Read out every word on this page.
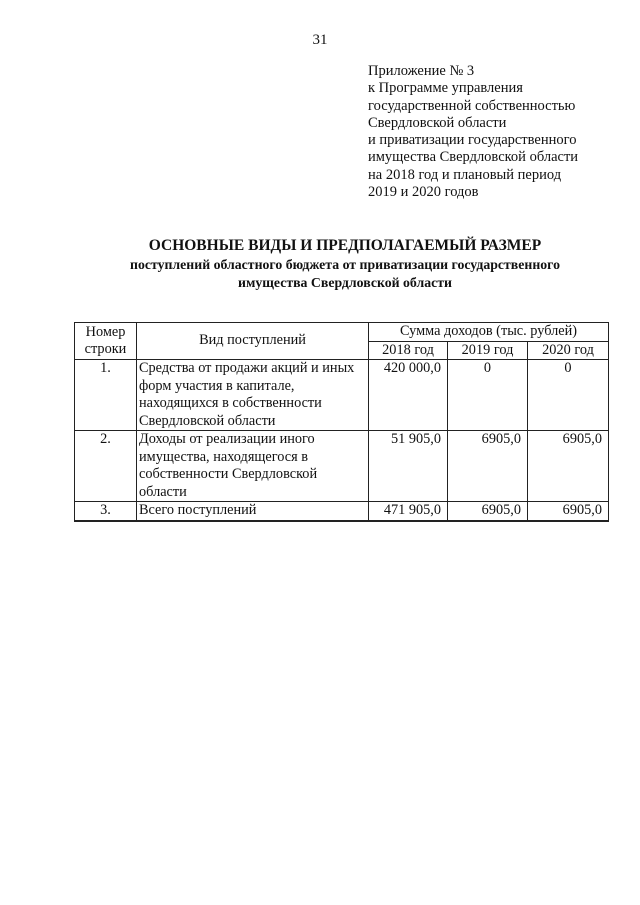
31
Приложение № 3
к Программе управления
государственной собственностью
Свердловской области
и приватизации государственного
имущества Свердловской области
на 2018 год и плановый период
2019 и 2020 годов
ОСНОВНЫЕ ВИДЫ И ПРЕДПОЛАГАЕМЫЙ РАЗМЕР
поступлений областного бюджета от приватизации государственного
имущества Свердловской области
Номер строки	Вид поступлений	Сумма доходов (тыс. рублей)		
		2018 год	2019 год	2020 год
1.	Средства от продажи акций и иных форм участия в капитале, находящихся в собственности Свердловской области	420 000,0	0	0
2.	Доходы от реализации иного имущества, находящегося в собственности Свердловской области	51 905,0	6905,0	6905,0
3.	Всего поступлений	471 905,0	6905,0	6905,0
